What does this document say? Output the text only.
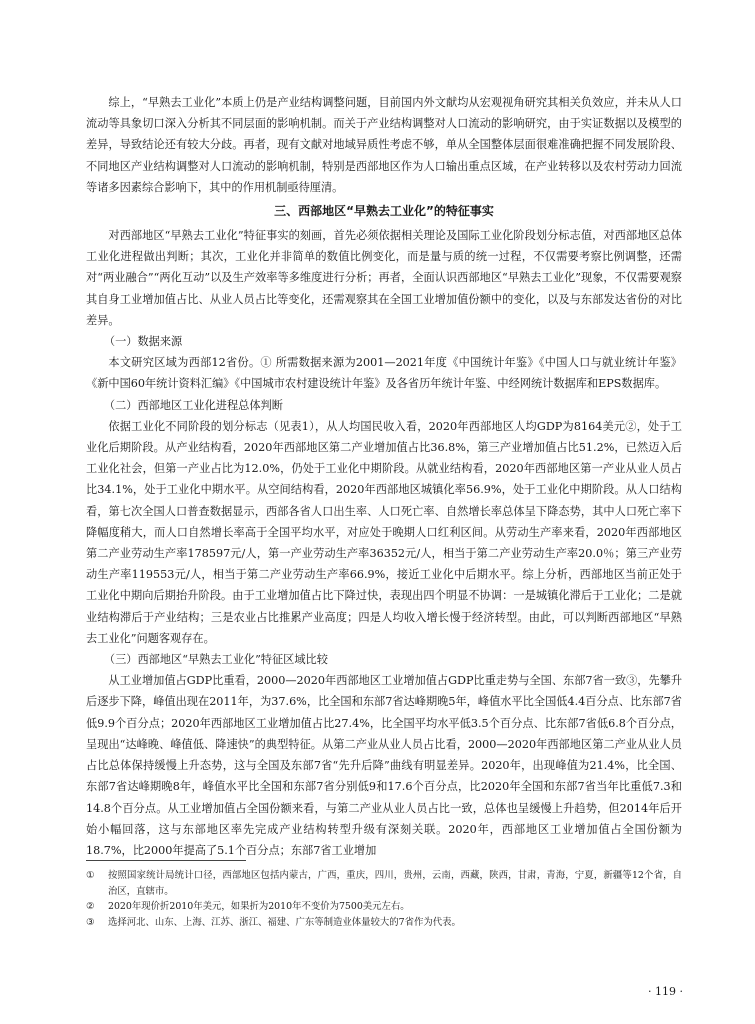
综上，“早熟去工业化”本质上仍是产业结构调整问题，目前国内外文献均从宏观视角研究其相关负效应，并未从人口流动等具象切口深入分析其不同层面的影响机制。而关于产业结构调整对人口流动的影响研究，由于实证数据以及模型的差异，导致结论还有较大分歧。再者，现有文献对地域异质性考虑不够，单从全国整体层面很难准确把握不同发展阶段、不同地区产业结构调整对人口流动的影响机制，特别是西部地区作为人口输出重点区域，在产业转移以及农村劳动力回流等诸多因素综合影响下，其中的作用机制亟待厘清。

三、西部地区“早熟去工业化”的特征事实

对西部地区“早熟去工业化”特征事实的刻画，首先必须依据相关理论及国际工业化阶段划分标志值，对西部地区总体工业化进程做出判断；其次，工业化并非简单的数值比例变化，而是量与质的统一过程，不仅需要考察比例调整，还需对“两业融合”“两化互动”以及生产效率等多维度进行分析；再者，全面认识西部地区“早熟去工业化”现象，不仅需要观察其自身工业增加值占比、从业人员占比等变化，还需观察其在全国工业增加值份额中的变化，以及与东部发达省份的对比差异。

（一）数据来源

本文研究区域为西部12省份。① 所需数据来源为2001—2021年度《中国统计年鉴》《中国人口与就业统计年鉴》《新中国60年统计资料汇编》《中国城市农村建设统计年鉴》及各省历年统计年鉴、中经网统计数据库和EPS数据库。

（二）西部地区工业化进程总体判断

依据工业化不同阶段的划分标志（见表1），从人均国民收入看，2020年西部地区人均GDP为8164美元②，处于工业化后期阶段。从产业结构看，2020年西部地区第二产业增加值占比36.8%，第三产业增加值占比51.2%，已然迈入后工业化社会，但第一产业占比为12.0%，仍处于工业化中期阶段。从就业结构看，2020年西部地区第一产业从业人员占比34.1%，处于工业化中期水平。从空间结构看，2020年西部地区城镇化率56.9%，处于工业化中期阶段。从人口结构看，第七次全国人口普查数据显示，西部各省人口出生率、人口死亡率、自然增长率总体呈下降态势，其中人口死亡率下降幅度稍大，而人口自然增长率高于全国平均水平，对应处于晚期人口红利区间。从劳动生产率来看，2020年西部地区第二产业劳动生产率178597元/人，第一产业劳动生产率36352元/人，相当于第二产业劳动生产率20.0％；第三产业劳动生产率119553元/人，相当于第二产业劳动生产率66.9%，接近工业化中后期水平。综上分析，西部地区当前正处于工业化中期向后期抬升阶段。由于工业增加值占比下降过快，表现出四个明显不协调：一是城镇化滞后于工业化；二是就业结构滞后于产业结构；三是农业占比推累产业高度；四是人均收入增长慢于经济转型。由此，可以判断西部地区“早熟去工业化”问题客观存在。

（三）西部地区“早熟去工业化”特征区域比较

从工业增加值占GDP比重看，2000—2020年西部地区工业增加值占GDP比重走势与全国、东部7省一致③，先攀升后逐步下降，峰值出现在2011年，为37.6%，比全国和东部7省达峰期晚5年，峰值水平比全国低4.4百分点、比东部7省低9.9个百分点；2020年西部地区工业增加值占比27.4%，比全国平均水平低3.5个百分点、比东部7省低6.8个百分点，呈现出“达峰晚、峰值低、降速快”的典型特征。从第二产业从业人员占比看，2000—2020年西部地区第二产业从业人员占比总体保持缓慢上升态势，这与全国及东部7省“先升后降”曲线有明显差异。2020年，出现峰值为21.4%，比全国、东部7省达峰期晚8年，峰值水平比全国和东部7省分别低9和17.6个百分点，比2020年全国和东部7省当年比重低7.3和14.8个百分点。从工业增加值占全国份额来看，与第二产业从业人员占比一致，总体也呈缓慢上升趋势，但2014年后开始小幅回落，这与东部地区率先完成产业结构转型升级有深刻关联。2020年，西部地区工业增加值占全国份额为18.7%，比2000年提高了5.1个百分点；东部7省工业增加

①	按照国家统计局统计口径，西部地区包括内蒙古，广西，重庆，四川，贵州，云南，西藏，陕西，甘肃，青海，宁夏，新疆等12个省，自治区，直辖市。
②	2020年现价折2010年美元，如果折为2010年不变价为7500美元左右。
③	选择河北、山东、上海、江苏、浙江、福建、广东等制造业体量较大的7省作为代表。
· 119 ·
